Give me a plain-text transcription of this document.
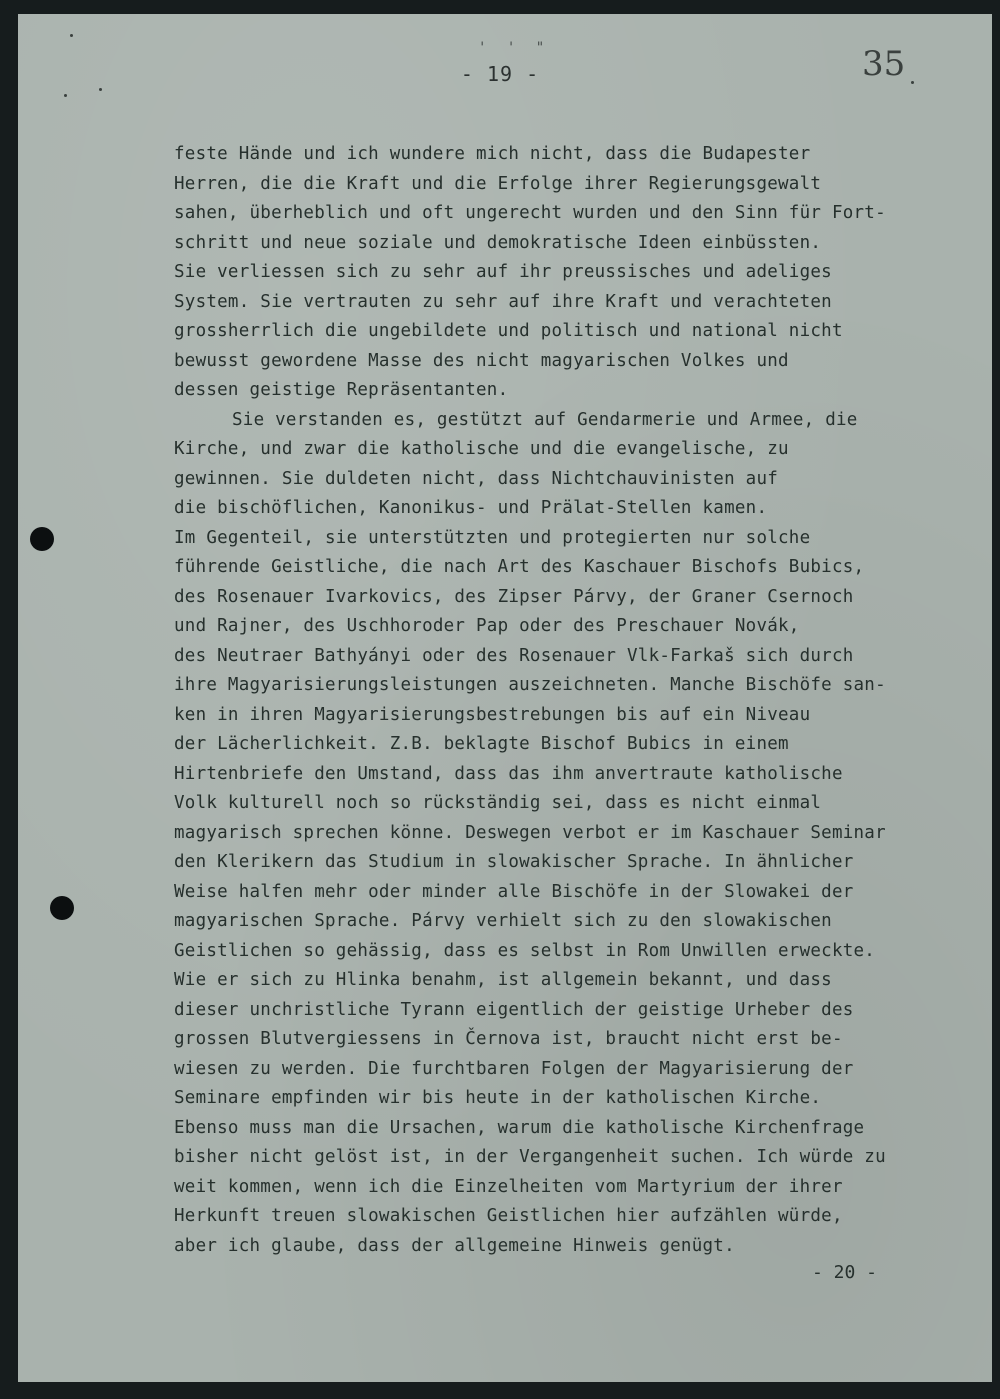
' ' "
- 19 -	35
feste Hände und ich wundere mich nicht, dass die Budapester
Herren, die die Kraft und die Erfolge ihrer Regierungsgewalt
sahen, überheblich und oft ungerecht wurden und den Sinn für Fort-
schritt und neue soziale und demokratische Ideen einbüssten.
Sie verliessen sich zu sehr auf ihr preussisches und adeliges
System. Sie vertrauten zu sehr auf ihre Kraft und verachteten
grossherrlich die ungebildete und politisch und national nicht
bewusst gewordene Masse des nicht magyarischen Volkes und
dessen geistige Repräsentanten.
Sie verstanden es, gestützt auf Gendarmerie und Armee, die
Kirche, und zwar die katholische und die evangelische, zu
gewinnen. Sie duldeten nicht, dass Nichtchauvinisten auf
die bischöflichen, Kanonikus- und Prälat-Stellen kamen.
Im Gegenteil, sie unterstützten und protegierten nur solche
führende Geistliche, die nach Art des Kaschauer Bischofs Bubics,
des Rosenauer Ivarkovics, des Zipser Párvy, der Graner Csernoch
und Rajner, des Uschhoroder Pap oder des Preschauer Novák,
des Neutraer Bathyányi oder des Rosenauer Vlk-Farkaš sich durch
ihre Magyarisierungsleistungen auszeichneten. Manche Bischöfe san-
ken in ihren Magyarisierungsbestrebungen bis auf ein Niveau
der Lächerlichkeit. Z.B. beklagte Bischof Bubics in einem
Hirtenbriefe den Umstand, dass das ihm anvertraute katholische
Volk kulturell noch so rückständig sei, dass es nicht einmal
magyarisch sprechen könne. Deswegen verbot er im Kaschauer Seminar
den Klerikern das Studium in slowakischer Sprache. In ähnlicher
Weise halfen mehr oder minder alle Bischöfe in der Slowakei der
magyarischen Sprache. Párvy verhielt sich zu den slowakischen
Geistlichen so gehässig, dass es selbst in Rom Unwillen erweckte.
Wie er sich zu Hlinka benahm, ist allgemein bekannt, und dass
dieser unchristliche Tyrann eigentlich der geistige Urheber des
grossen Blutvergiessens in Černova ist, braucht nicht erst be-
wiesen zu werden. Die furchtbaren Folgen der Magyarisierung der
Seminare empfinden wir bis heute in der katholischen Kirche.
Ebenso muss man die Ursachen, warum die katholische Kirchenfrage
bisher nicht gelöst ist, in der Vergangenheit suchen. Ich würde zu
weit kommen, wenn ich die Einzelheiten vom Martyrium der ihrer
Herkunft treuen slowakischen Geistlichen hier aufzählen würde,
aber ich glaube, dass der allgemeine Hinweis genügt.
- 20 -
